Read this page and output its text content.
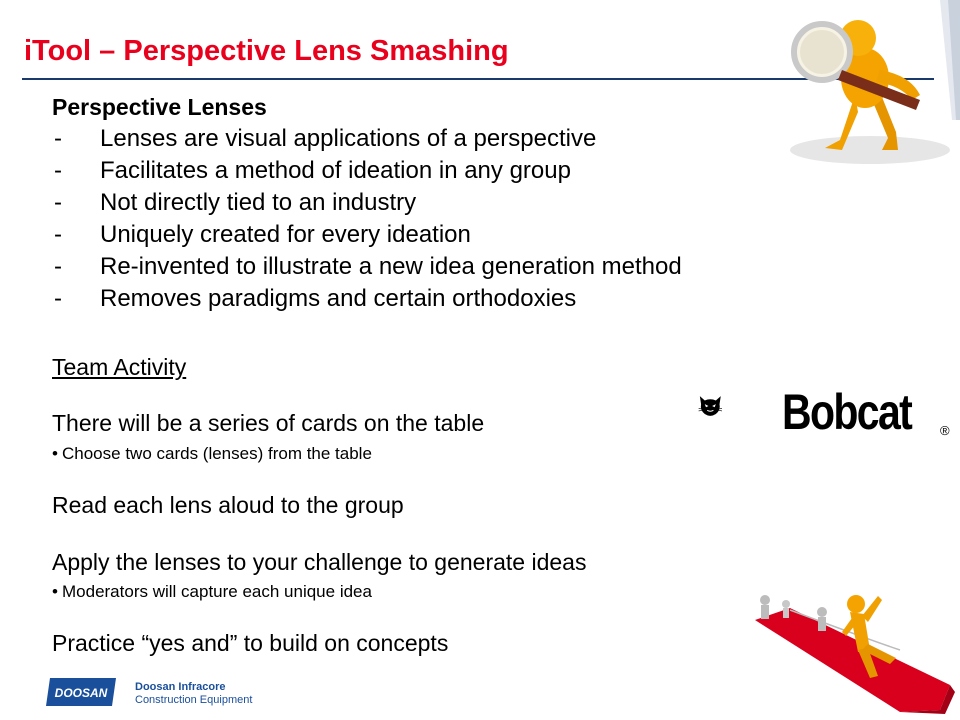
iTool – Perspective Lens Smashing
Perspective Lenses
- Lenses are visual applications of a perspective
- Facilitates a method of ideation in any group
- Not directly tied to an industry
- Uniquely created for every ideation
- Re-invented to illustrate a new idea generation method
- Removes paradigms and certain orthodoxies
Team Activity
There will be a series of cards on the table
• Choose two cards (lenses) from the table
Read each lens aloud to the group
Apply the lenses to your challenge to generate ideas
• Moderators will capture each unique idea
Practice “yes and” to build on concepts
Bobcat ®
DOOSAN	Doosan Infracore
Construction Equipment
